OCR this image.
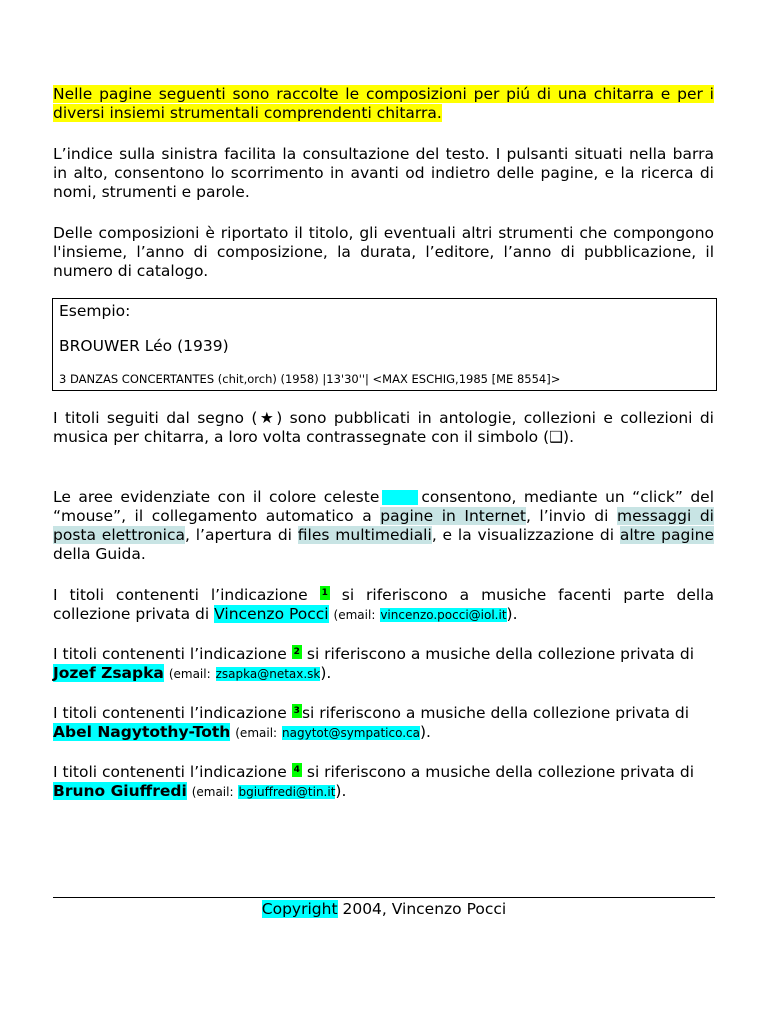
Nelle pagine seguenti sono raccolte le composizioni per piú di una chitarra e per i diversi insiemi strumentali comprendenti chitarra.

L’indice sulla sinistra facilita la consultazione del testo. I pulsanti situati nella barra in alto, consentono lo scorrimento in avanti od indietro delle pagine, e la ricerca di nomi, strumenti e parole.

Delle composizioni è riportato il titolo, gli eventuali altri strumenti che compongono l'insieme, l’anno di composizione, la durata, l’editore, l’anno di pubblicazione, il numero di catalogo.

Esempio:
BROUWER Léo (1939)
3 DANZAS CONCERTANTES (chit,orch) (1958) |13'30''| <MAX ESCHIG,1985 [ME 8554]>

I titoli seguiti dal segno (★) sono pubblicati in antologie, collezioni e collezioni di musica per chitarra, a loro volta contrassegnate con il simbolo (❑).

Le aree evidenziate con il colore celeste	consentono, mediante un “click” del “mouse”, il collegamento automatico a pagine in Internet, l’invio di messaggi di posta elettronica, l’apertura di files multimediali, e la visualizzazione di altre pagine della Guida.

I titoli contenenti l’indicazione 1 si riferiscono a musiche facenti parte della collezione privata di Vincenzo Pocci (email: vincenzo.pocci@iol.it).

I titoli contenenti l’indicazione 2 si riferiscono a musiche della collezione privata di Jozef Zsapka (email: zsapka@netax.sk).

I titoli contenenti l’indicazione 3 si riferiscono a musiche della collezione privata di Abel Nagytothy-Toth (email: nagytot@sympatico.ca).

I titoli contenenti l’indicazione 4 si riferiscono a musiche della collezione privata di Bruno Giuffredi (email: bgiuffredi@tin.it).

Copyright 2004, Vincenzo Pocci
